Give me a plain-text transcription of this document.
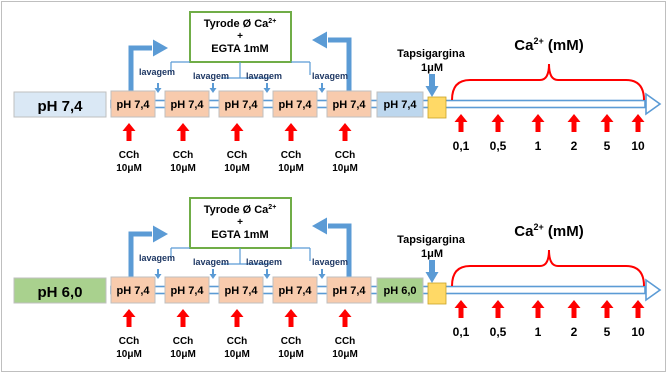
pH 7,4
Tyrode Ø $Ca^{2+}$
+
EGTA 1mM
lavagem lavagem lavagem	lavagem
pH 7,4
CCh
10μM
pH 7,4
CCh
10μM
pH 7,4
CCh
10μM
pH 7,4
CCh
10μM
pH 7,4
CCh
10μM
pH 7,4
Tapsigargina
1μM
$Ca^{2+}$ (mM)
0,1 0,5 1 2 5 10
pH 6,0
Tyrode Ø $Ca^{2+}$
+
EGTA 1mM
lavagem lavagem lavagem	lavagem
pH 7,4
CCh
10μM
pH 7,4
CCh
10μM
pH 7,4
CCh
10μM
pH 7,4
CCh
10μM
pH 7,4
CCh
10μM
pH 6,0
Tapsigargina
1μM
$Ca^{2+}$ (mM)
0,1 0,5 1 2 5 10
